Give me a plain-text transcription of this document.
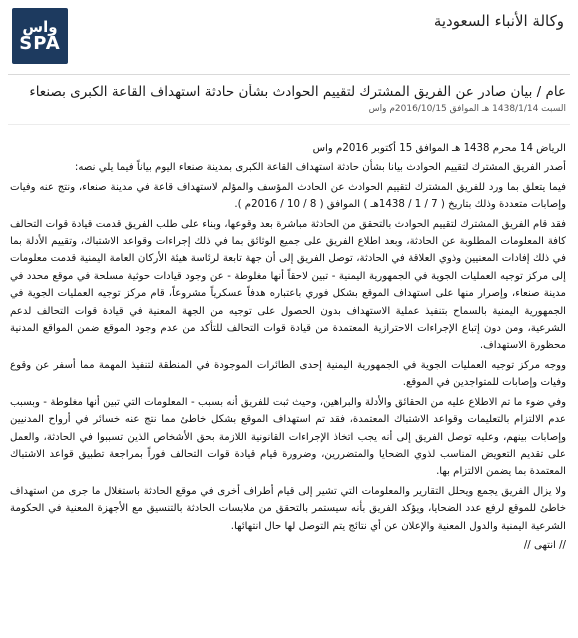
واس
SPA
وكالة الأنباء السعودية
عام / بيان صادر عن الفريق المشترك لتقييم الحوادث بشأن حادثة استهداف القاعة الكبرى بصنعاء
السبت 1438/1/14 هـ الموافق 2016/10/15م واس

الرياض 14 محرم 1438 هـ الموافق 15 أكتوبر 2016م واس

أصدر الفريق المشترك لتقييم الحوادث بيانا بشأن حادثة استهداف القاعة الكبرى بمدينة صنعاء اليوم بياناً فيما يلي نصه:

فيما يتعلق بما ورد للفريق المشترك لتقييم الحوادث عن الحادث المؤسف والمؤلم لاستهداف قاعة في مدينة صنعاء، ونتج عنه وفيات وإصابات متعددة وذلك بتاريخ ( 7 / 1 / 1438هـ ) الموافق ( 8 / 10 / 2016م ).

فقد قام الفريق المشترك لتقييم الحوادث بالتحقق من الحادثة مباشرة بعد وقوعها، وبناء على طلب الفريق قدمت قيادة قوات التحالف كافة المعلومات المطلوبة عن الحادثة، وبعد اطلاع الفريق على جميع الوثائق بما في ذلك إجراءات وقواعد الاشتباك، وتقييم الأدلة بما في ذلك إفادات المعنيين وذوي العلاقة في الحادثة، توصل الفريق إلى أن جهة تابعة لرئاسة هيئة الأركان العامة اليمنية قدمت معلومات إلى مركز توجيه العمليات الجوية في الجمهورية اليمنية - تبين لاحقاً أنها مغلوطة - عن وجود قيادات حوثية مسلحة في موقع محدد في مدينة صنعاء، وإصرار منها على استهداف الموقع بشكل فوري باعتباره هدفاً عسكرياً مشروعاً، قام مركز توجيه العمليات الجوية في الجمهورية اليمنية بالسماح بتنفيذ عملية الاستهداف بدون الحصول على توجيه من الجهة المعنية في قيادة قوات التحالف لدعم الشرعية، ومن دون إتباع الإجراءات الاحترازية المعتمدة من قيادة قوات التحالف للتأكد من عدم وجود الموقع ضمن المواقع المدنية محظورة الاستهداف.

ووجه مركز توجيه العمليات الجوية في الجمهورية اليمنية إحدى الطائرات الموجودة في المنطقة لتنفيذ المهمة مما أسفر عن وقوع وفيات وإصابات للمتواجدين في الموقع.

وفي ضوء ما تم الاطلاع عليه من الحقائق والأدلة والبراهين، وحيث ثبت للفريق أنه بسبب - المعلومات التي تبين أنها مغلوطة - وبسبب عدم الالتزام بالتعليمات وقواعد الاشتباك المعتمدة، فقد تم استهداف الموقع بشكل خاطئ مما نتج عنه خسائر في أرواح المدنيين وإصابات بينهم، وعليه توصل الفريق إلى أنه يجب اتخاذ الإجراءات القانونية اللازمة بحق الأشخاص الذين تسببوا في الحادثة، والعمل على تقديم التعويض المناسب لذوي الضحايا والمتضررين، وضرورة قيام قيادة قوات التحالف فوراً بمراجعة تطبيق قواعد الاشتباك المعتمدة بما يضمن الالتزام بها.

ولا يزال الفريق يجمع ويحلل التقارير والمعلومات التي تشير إلى قيام أطراف أخرى في موقع الحادثة باستغلال ما جرى من استهداف خاطئ للموقع لرفع عدد الضحايا، ويؤكد الفريق بأنه سيستمر بالتحقق من ملابسات الحادثة بالتنسيق مع الأجهزة المعنية في الحكومة الشرعية اليمنية والدول المعنية والإعلان عن أي نتائج يتم التوصل لها حال انتهائها.

// انتهى //
